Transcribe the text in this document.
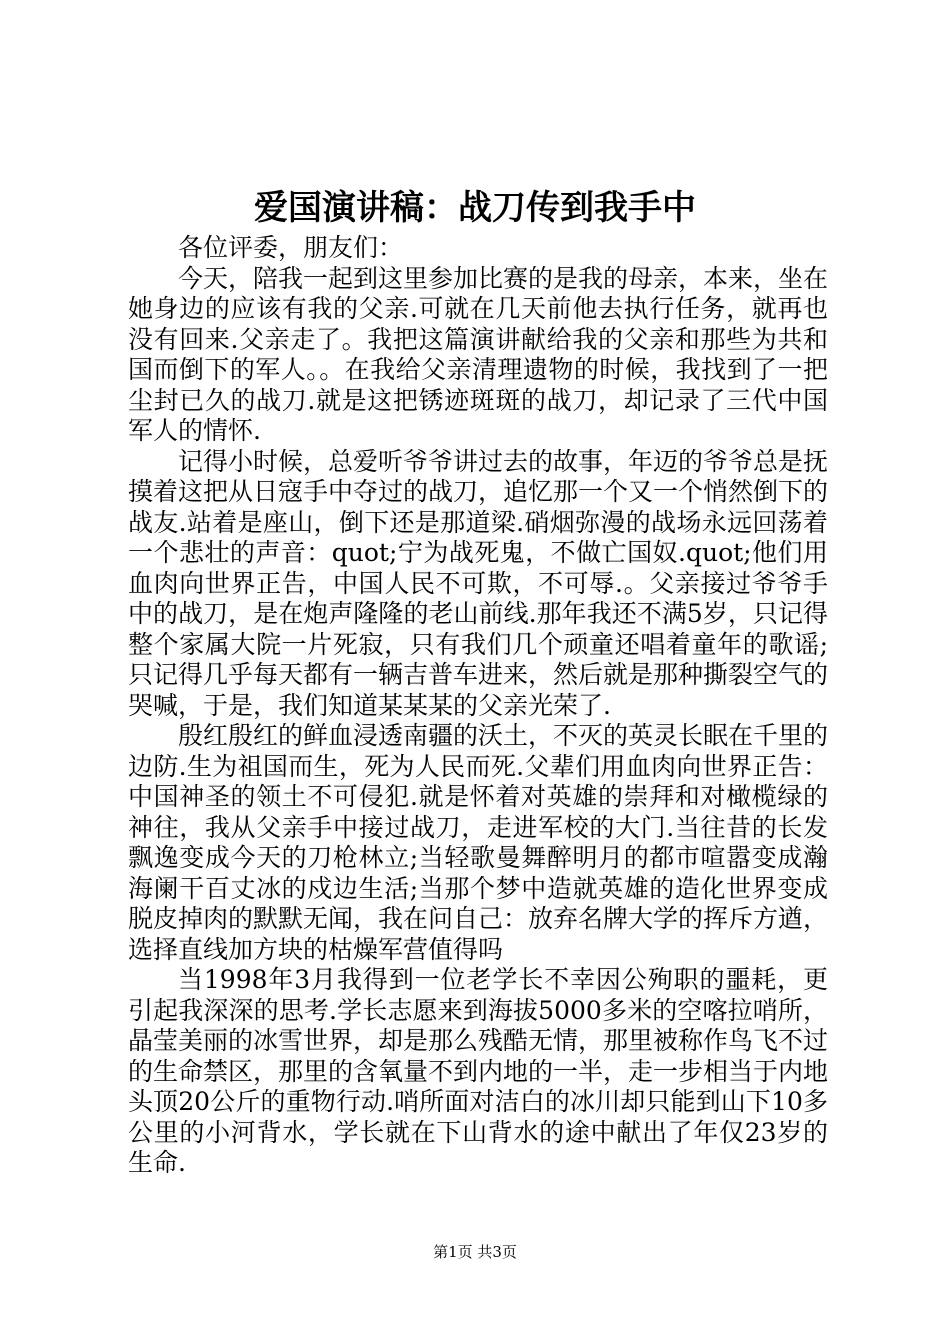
爱国演讲稿：战刀传到我手中

各位评委，朋友们：

今天，陪我一起到这里参加比赛的是我的母亲，本来，坐在她身边的应该有我的父亲.可就在几天前他去执行任务，就再也没有回来.父亲走了。我把这篇演讲献给我的父亲和那些为共和国而倒下的军人。。在我给父亲清理遗物的时候，我找到了一把尘封已久的战刀.就是这把锈迹斑斑的战刀，却记录了三代中国军人的情怀.

记得小时候，总爱听爷爷讲过去的故事，年迈的爷爷总是抚摸着这把从日寇手中夺过的战刀，追忆那一个又一个悄然倒下的战友.站着是座山，倒下还是那道梁.硝烟弥漫的战场永远回荡着一个悲壮的声音：quot;宁为战死鬼，不做亡国奴.quot;他们用血肉向世界正告，中国人民不可欺，不可辱.。父亲接过爷爷手中的战刀，是在炮声隆隆的老山前线.那年我还不满5岁，只记得整个家属大院一片死寂，只有我们几个顽童还唱着童年的歌谣;只记得几乎每天都有一辆吉普车进来，然后就是那种撕裂空气的哭喊，于是，我们知道某某某的父亲光荣了.

殷红殷红的鲜血浸透南疆的沃土，不灭的英灵长眠在千里的边防.生为祖国而生，死为人民而死.父辈们用血肉向世界正告：中国神圣的领土不可侵犯.就是怀着对英雄的崇拜和对橄榄绿的神往，我从父亲手中接过战刀，走进军校的大门.当往昔的长发飘逸变成今天的刀枪林立;当轻歌曼舞醉明月的都市喧嚣变成瀚海阑干百丈冰的戍边生活;当那个梦中造就英雄的造化世界变成脱皮掉肉的默默无闻，我在问自己：放弃名牌大学的挥斥方遒，选择直线加方块的枯燥军营值得吗

当1998年3月我得到一位老学长不幸因公殉职的噩耗，更引起我深深的思考.学长志愿来到海拔5000多米的空喀拉哨所，晶莹美丽的冰雪世界，却是那么残酷无情，那里被称作鸟飞不过的生命禁区，那里的含氧量不到内地的一半，走一步相当于内地头顶20公斤的重物行动.哨所面对洁白的冰川却只能到山下10多公里的小河背水，学长就在下山背水的途中献出了年仅23岁的生命.

第1页 共3页
